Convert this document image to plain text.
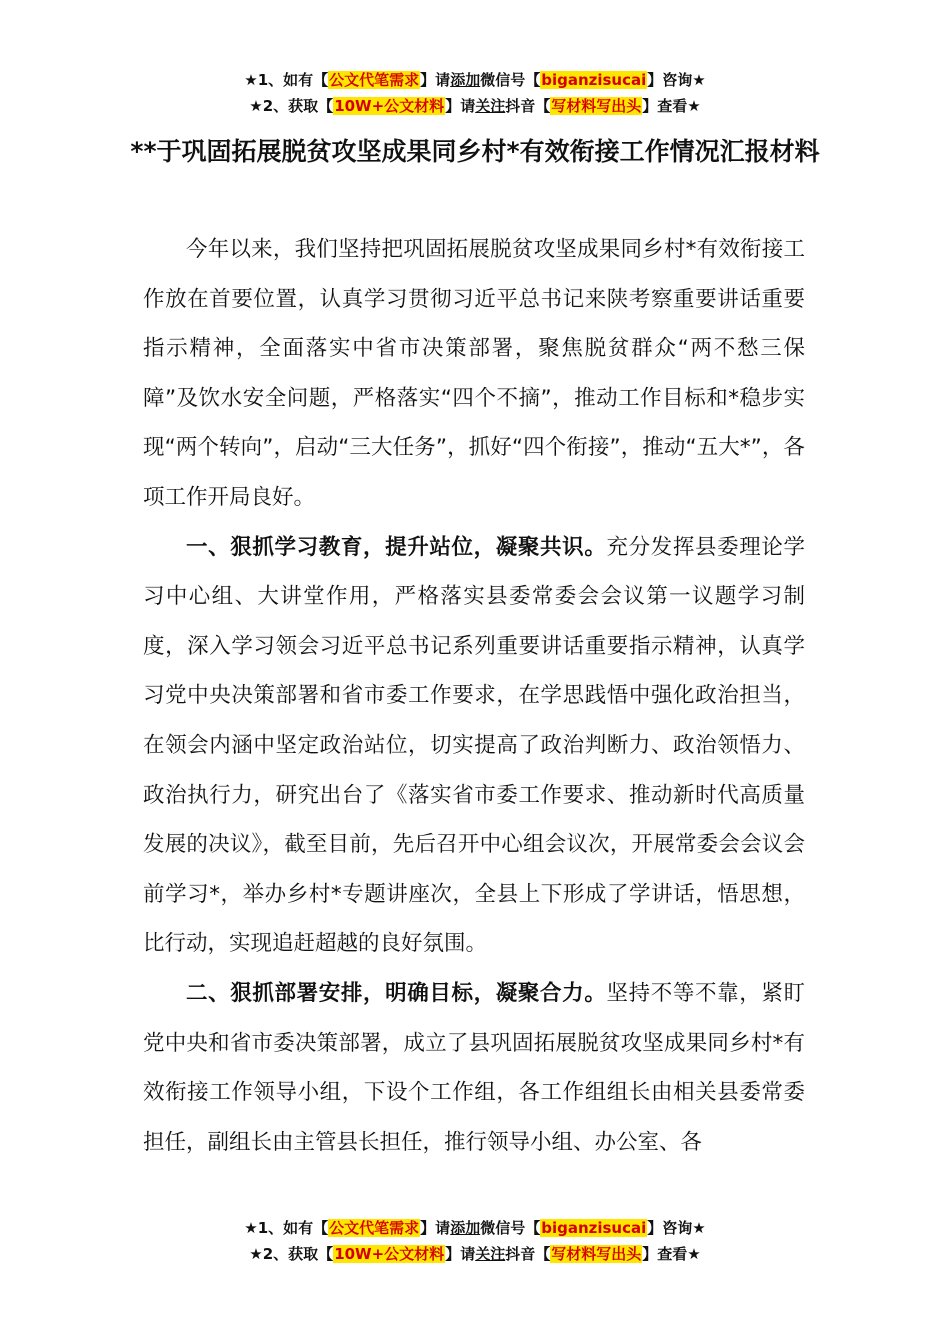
★1、如有【公文代笔需求】请添加微信号【biganzisucai】咨询★
★2、获取【10W+公文材料】请关注抖音【写材料写出头】查看★
**于巩固拓展脱贫攻坚成果同乡村*有效衔接工作情况汇报材料

今年以来，我们坚持把巩固拓展脱贫攻坚成果同乡村*有效衔接工作放在首要位置，认真学习贯彻习近平总书记来陕考察重要讲话重要指示精神，全面落实中省市决策部署，聚焦脱贫群众“两不愁三保障”及饮水安全问题，严格落实“四个不摘”，推动工作目标和*稳步实现“两个转向”，启动“三大任务”，抓好“四个衔接”，推动“五大*”，各项工作开局良好。

一、狠抓学习教育，提升站位，凝聚共识。充分发挥县委理论学习中心组、大讲堂作用，严格落实县委常委会会议第一议题学习制度，深入学习领会习近平总书记系列重要讲话重要指示精神，认真学习党中央决策部署和省市委工作要求，在学思践悟中强化政治担当，在领会内涵中坚定政治站位，切实提高了政治判断力、政治领悟力、政治执行力，研究出台了《落实省市委工作要求、推动新时代高质量发展的决议》，截至目前，先后召开中心组会议次，开展常委会会议会前学习*，举办乡村*专题讲座次，全县上下形成了学讲话，悟思想，比行动，实现追赶超越的良好氛围。

二、狠抓部署安排，明确目标，凝聚合力。坚持不等不靠，紧盯党中央和省市委决策部署，成立了县巩固拓展脱贫攻坚成果同乡村*有效衔接工作领导小组，下设个工作组，各工作组组长由相关县委常委担任，副组长由主管县长担任，推行领导小组、办公室、各

★1、如有【公文代笔需求】请添加微信号【biganzisucai】咨询★
★2、获取【10W+公文材料】请关注抖音【写材料写出头】查看★
